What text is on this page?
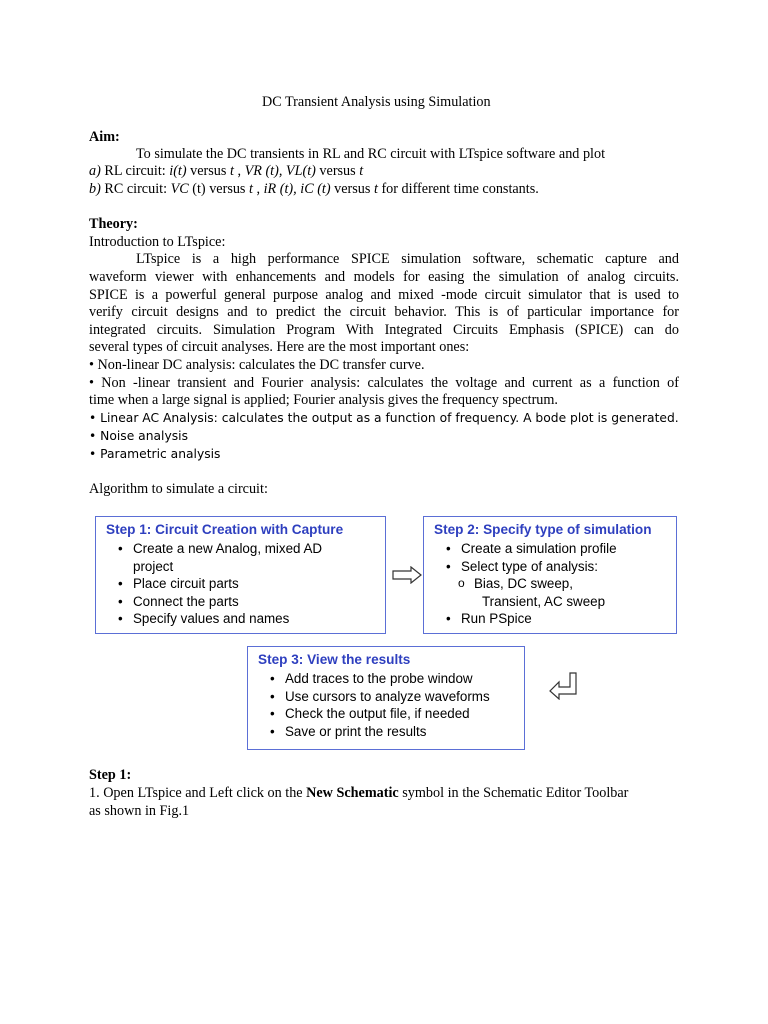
DC Transient Analysis using Simulation
Aim:
To simulate the DC transients in RL and RC circuit with LTspice software and plot
a) RL circuit: i(t) versus t , VR (t), VL(t) versus t
b) RC circuit: VC (t) versus t , iR (t), iC (t) versus t for different time constants.
Theory:
Introduction to LTspice:
LTspice is a high performance SPICE simulation software, schematic capture and
waveform viewer with enhancements and models for easing the simulation of analog circuits.
SPICE is a powerful general purpose analog and mixed -mode circuit simulator that is used to
verify circuit designs and to predict the circuit behavior. This is of particular importance for
integrated circuits. Simulation Program With Integrated Circuits Emphasis (SPICE) can do
several types of circuit analyses. Here are the most important ones:
• Non-linear DC analysis: calculates the DC transfer curve.
• Non -linear transient and Fourier analysis: calculates the voltage and current as a function of
time when a large signal is applied; Fourier analysis gives the frequency spectrum.
• Linear AC Analysis: calculates the output as a function of frequency. A bode plot is generated.
• Noise analysis
• Parametric analysis
Algorithm to simulate a circuit:
Step 1: Circuit Creation with Capture
• Create a new Analog, mixed AD
project
• Place circuit parts
• Connect the parts
• Specify values and names
Step 2: Specify type of simulation
• Create a simulation profile
• Select type of analysis:
o Bias, DC sweep,
Transient, AC sweep
• Run PSpice
Step 3: View the results
• Add traces to the probe window
• Use cursors to analyze waveforms
• Check the output file, if needed
• Save or print the results
Step 1:
1. Open LTspice and Left click on the New Schematic symbol in the Schematic Editor Toolbar
as shown in Fig.1
